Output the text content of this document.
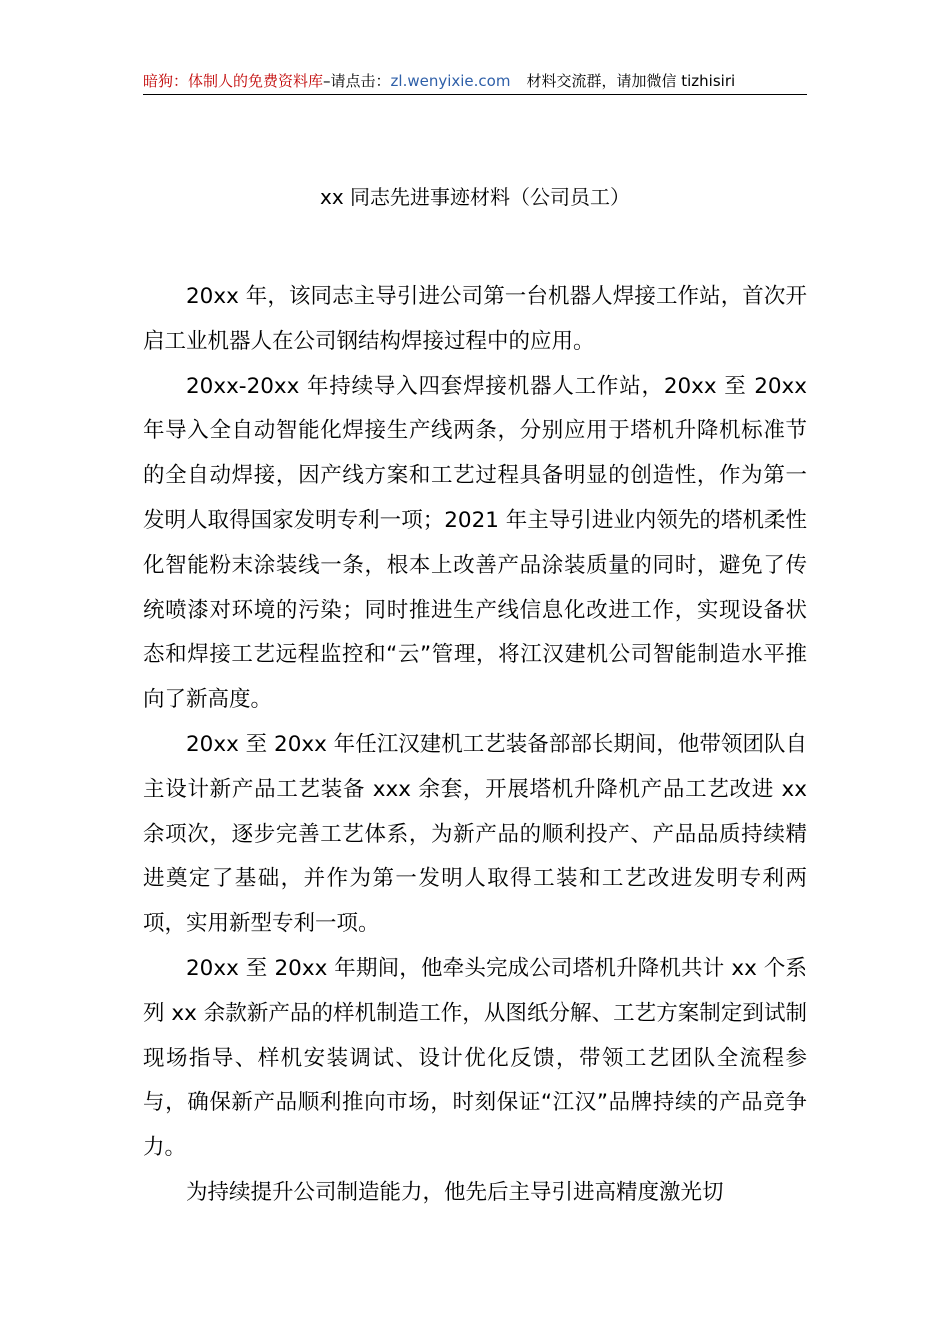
暗狗：体制人的免费资料库–请点击：zl.wenyixie.com 材料交流群，请加微信 tizhisiri
xx 同志先进事迹材料（公司员工）

20xx 年，该同志主导引进公司第一台机器人焊接工作站，首次开启工业机器人在公司钢结构焊接过程中的应用。

20xx-20xx 年持续导入四套焊接机器人工作站，20xx 至 20xx 年导入全自动智能化焊接生产线两条，分别应用于塔机升降机标准节的全自动焊接，因产线方案和工艺过程具备明显的创造性，作为第一发明人取得国家发明专利一项；2021 年主导引进业内领先的塔机柔性化智能粉末涂装线一条，根本上改善产品涂装质量的同时，避免了传统喷漆对环境的污染；同时推进生产线信息化改进工作，实现设备状态和焊接工艺远程监控和“云”管理，将江汉建机公司智能制造水平推向了新高度。

20xx 至 20xx 年任江汉建机工艺装备部部长期间，他带领团队自主设计新产品工艺装备 xxx 余套，开展塔机升降机产品工艺改进 xx 余项次，逐步完善工艺体系，为新产品的顺利投产、产品品质持续精进奠定了基础，并作为第一发明人取得工装和工艺改进发明专利两项，实用新型专利一项。

20xx 至 20xx 年期间，他牵头完成公司塔机升降机共计 xx 个系列 xx 余款新产品的样机制造工作，从图纸分解、工艺方案制定到试制现场指导、样机安装调试、设计优化反馈，带领工艺团队全流程参与，确保新产品顺利推向市场，时刻保证“江汉”品牌持续的产品竞争力。

为持续提升公司制造能力，他先后主导引进高精度激光切
